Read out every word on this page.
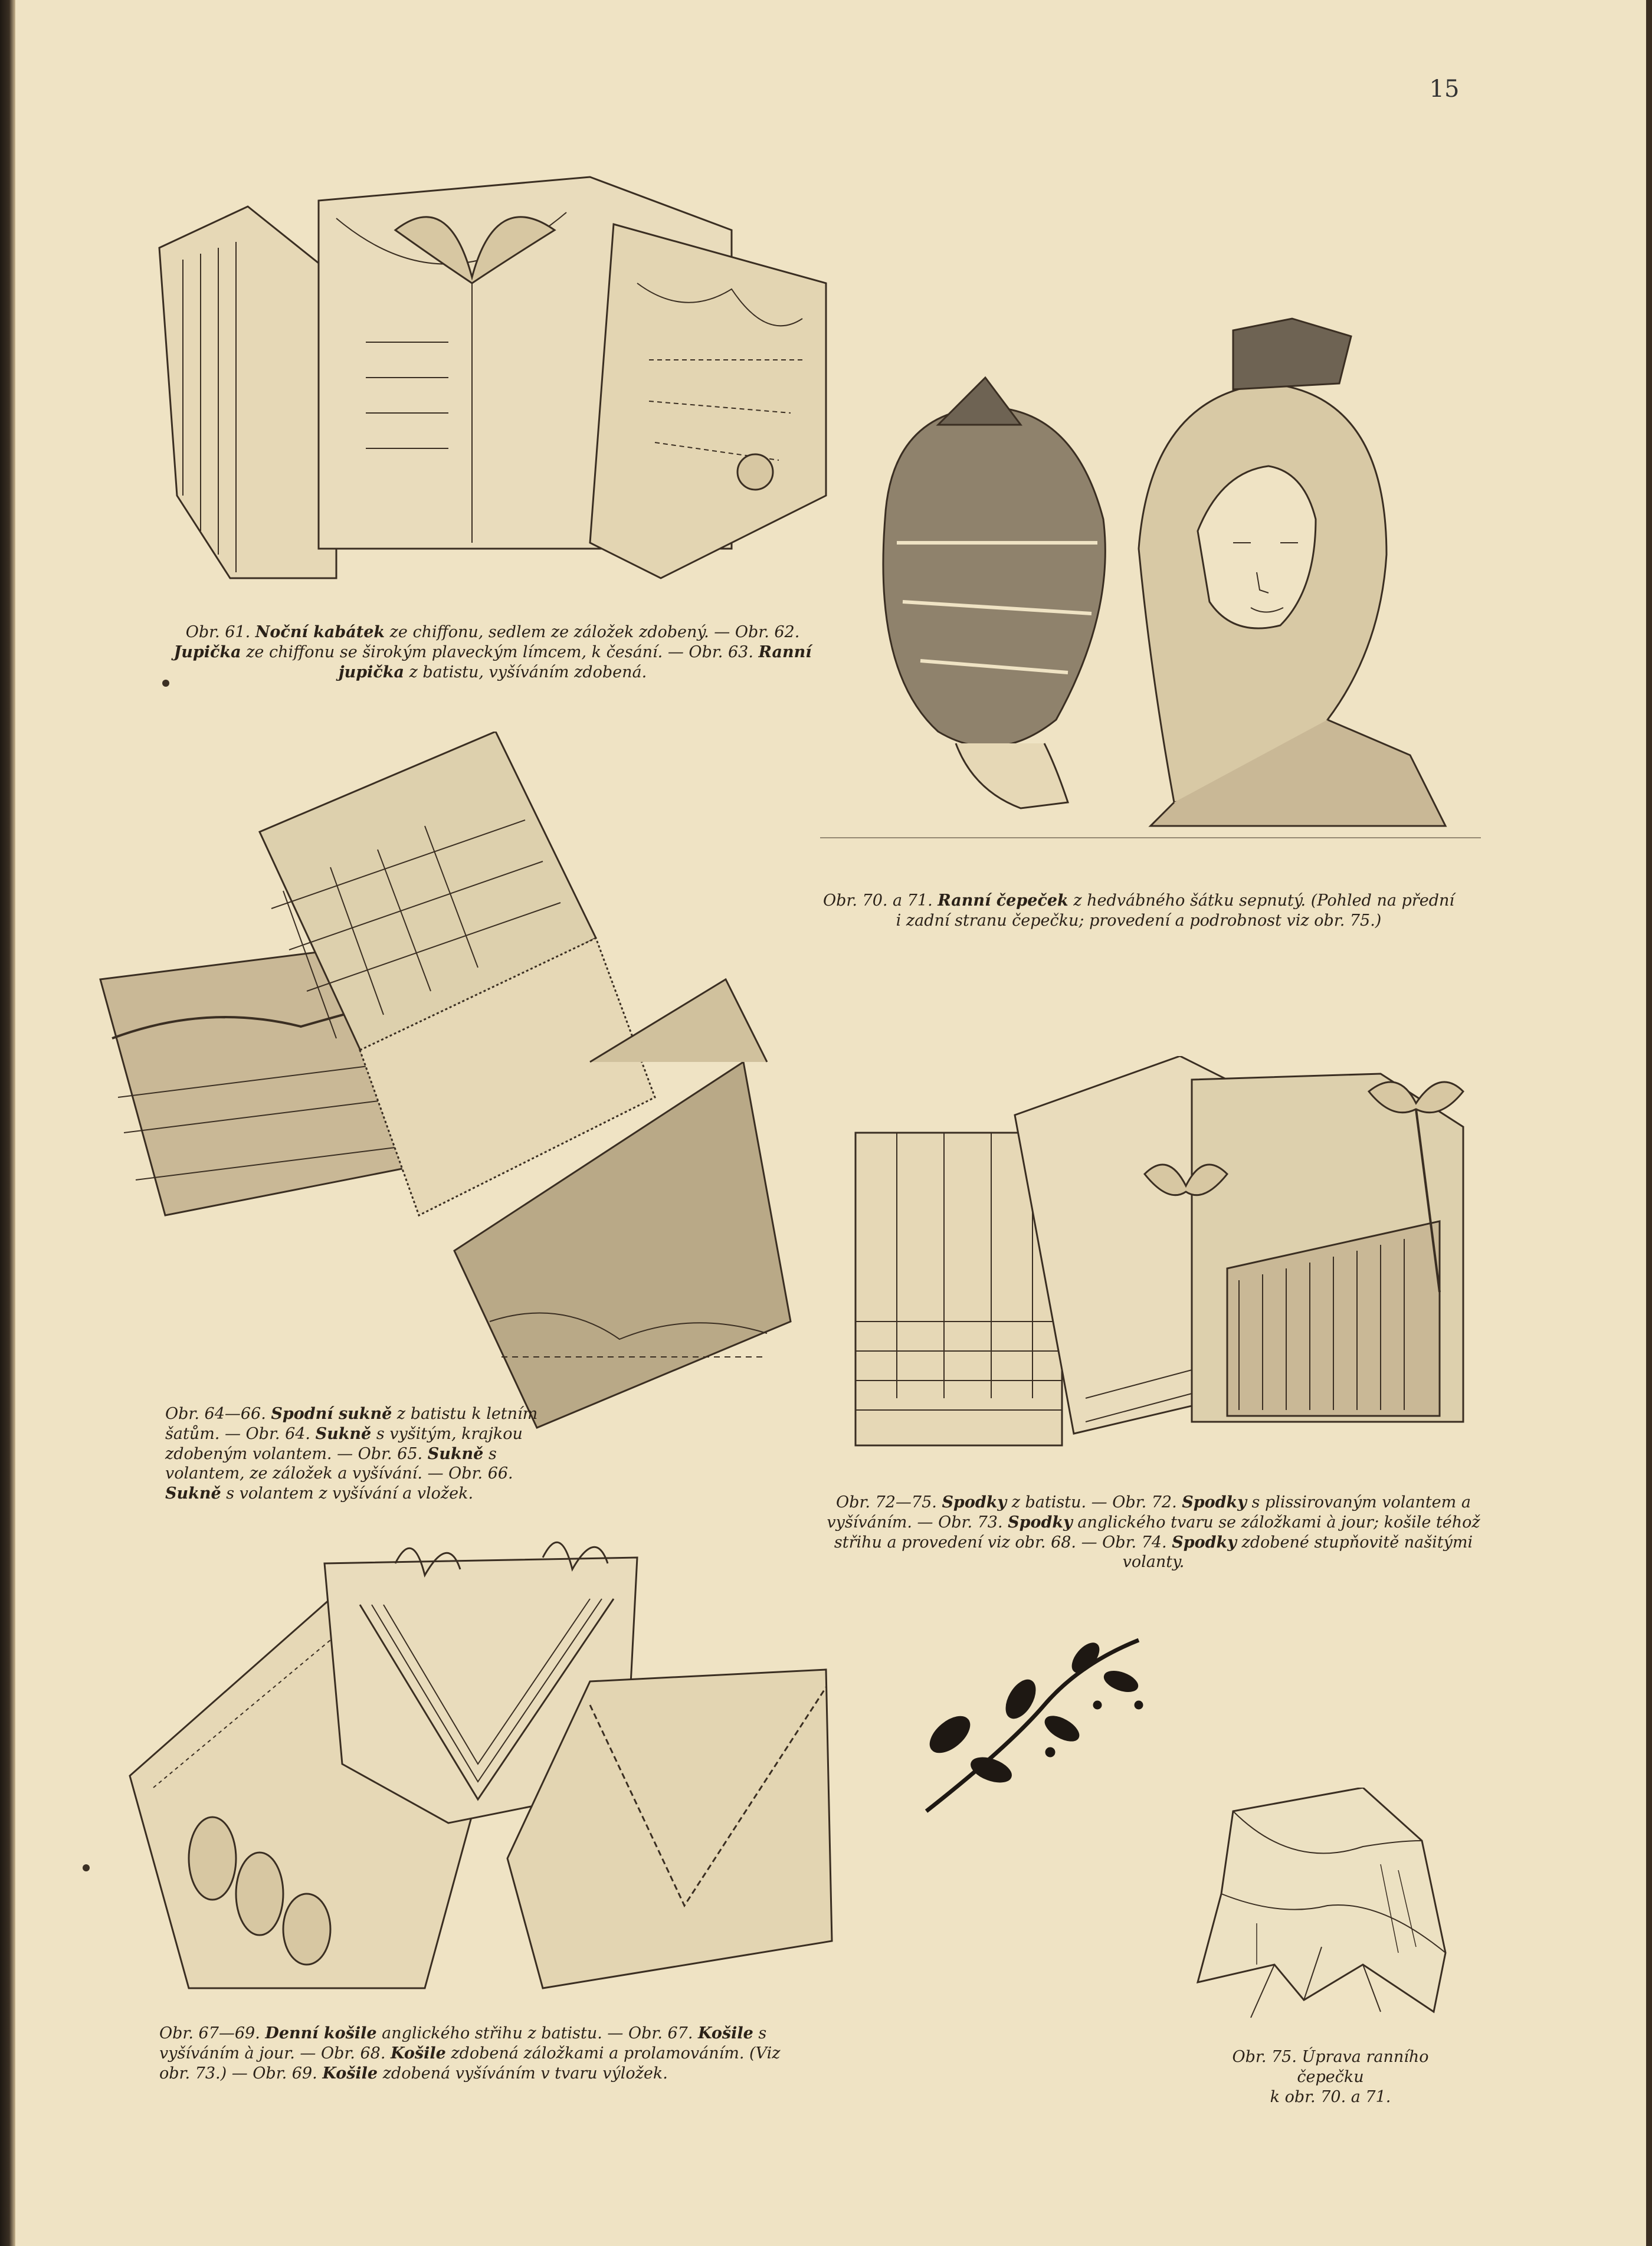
15
Obr. 61. Noční kabátek ze chiffonu, sedlem ze záložek zdobený. — Obr. 62. Jupička ze chiffonu se širokým plaveckým límcem, k česání. — Obr. 63. Ranní jupička z batistu, vyšíváním zdobená.
Obr. 70. a 71. Ranní čepeček z hedvábného šátku sepnutý. (Pohled na přední i zadní stranu čepečku; provedení a podrobnost viz obr. 75.)
Obr. 64—66. Spodní sukně z batistu k letním šatům. — Obr. 64. Sukně s vyšitým, krajkou zdobeným volantem. — Obr. 65. Sukně s volantem, ze záložek a vyšívání. — Obr. 66. Sukně s volantem z vyšívání a vložek.	Obr. 72—75. Spodky z batistu. — Obr. 72. Spodky s plissirovaným volantem a vyšíváním. — Obr. 73. Spodky anglického tvaru se záložkami à jour; košile téhož střihu a provedení viz obr. 68. — Obr. 74. Spodky zdobené stupňovitě našitými volanty.
Obr. 67—69. Denní košile anglického střihu z batistu. — Obr. 67. Košile s vyšíváním à jour. — Obr. 68. Košile zdobená záložkami a prolamováním. (Viz obr. 73.) — Obr. 69. Košile zdobená vyšíváním v tvaru výložek.
Obr. 75. Úprava ranního čepečku
k obr. 70. a 71.
